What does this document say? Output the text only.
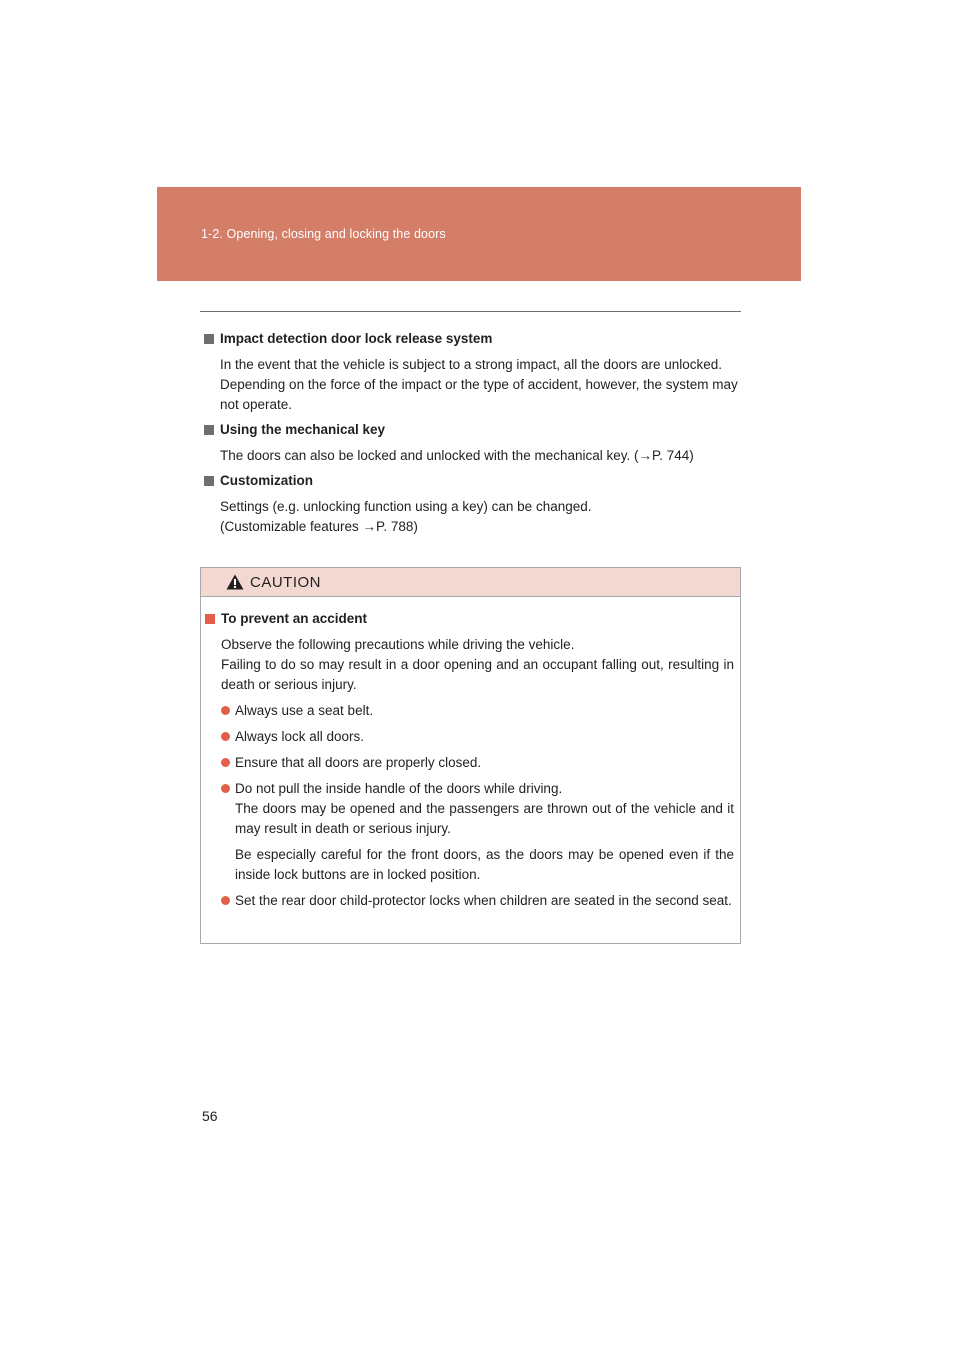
1-2. Opening, closing and locking the doors
Impact detection door lock release system
In the event that the vehicle is subject to a strong impact, all the doors are unlocked. Depending on the force of the impact or the type of accident, however, the system may not operate.
Using the mechanical key
The doors can also be locked and unlocked with the mechanical key. (→P. 744)
Customization
Settings (e.g. unlocking function using a key) can be changed.
(Customizable features →P. 788)
CAUTION
To prevent an accident
Observe the following precautions while driving the vehicle.
Failing to do so may result in a door opening and an occupant falling out, resulting in death or serious injury.
Always use a seat belt.
Always lock all doors.
Ensure that all doors are properly closed.
Do not pull the inside handle of the doors while driving.
The doors may be opened and the passengers are thrown out of the vehicle and it may result in death or serious injury.
Be especially careful for the front doors, as the doors may be opened even if the inside lock buttons are in locked position.
Set the rear door child-protector locks when children are seated in the second seat.
56
